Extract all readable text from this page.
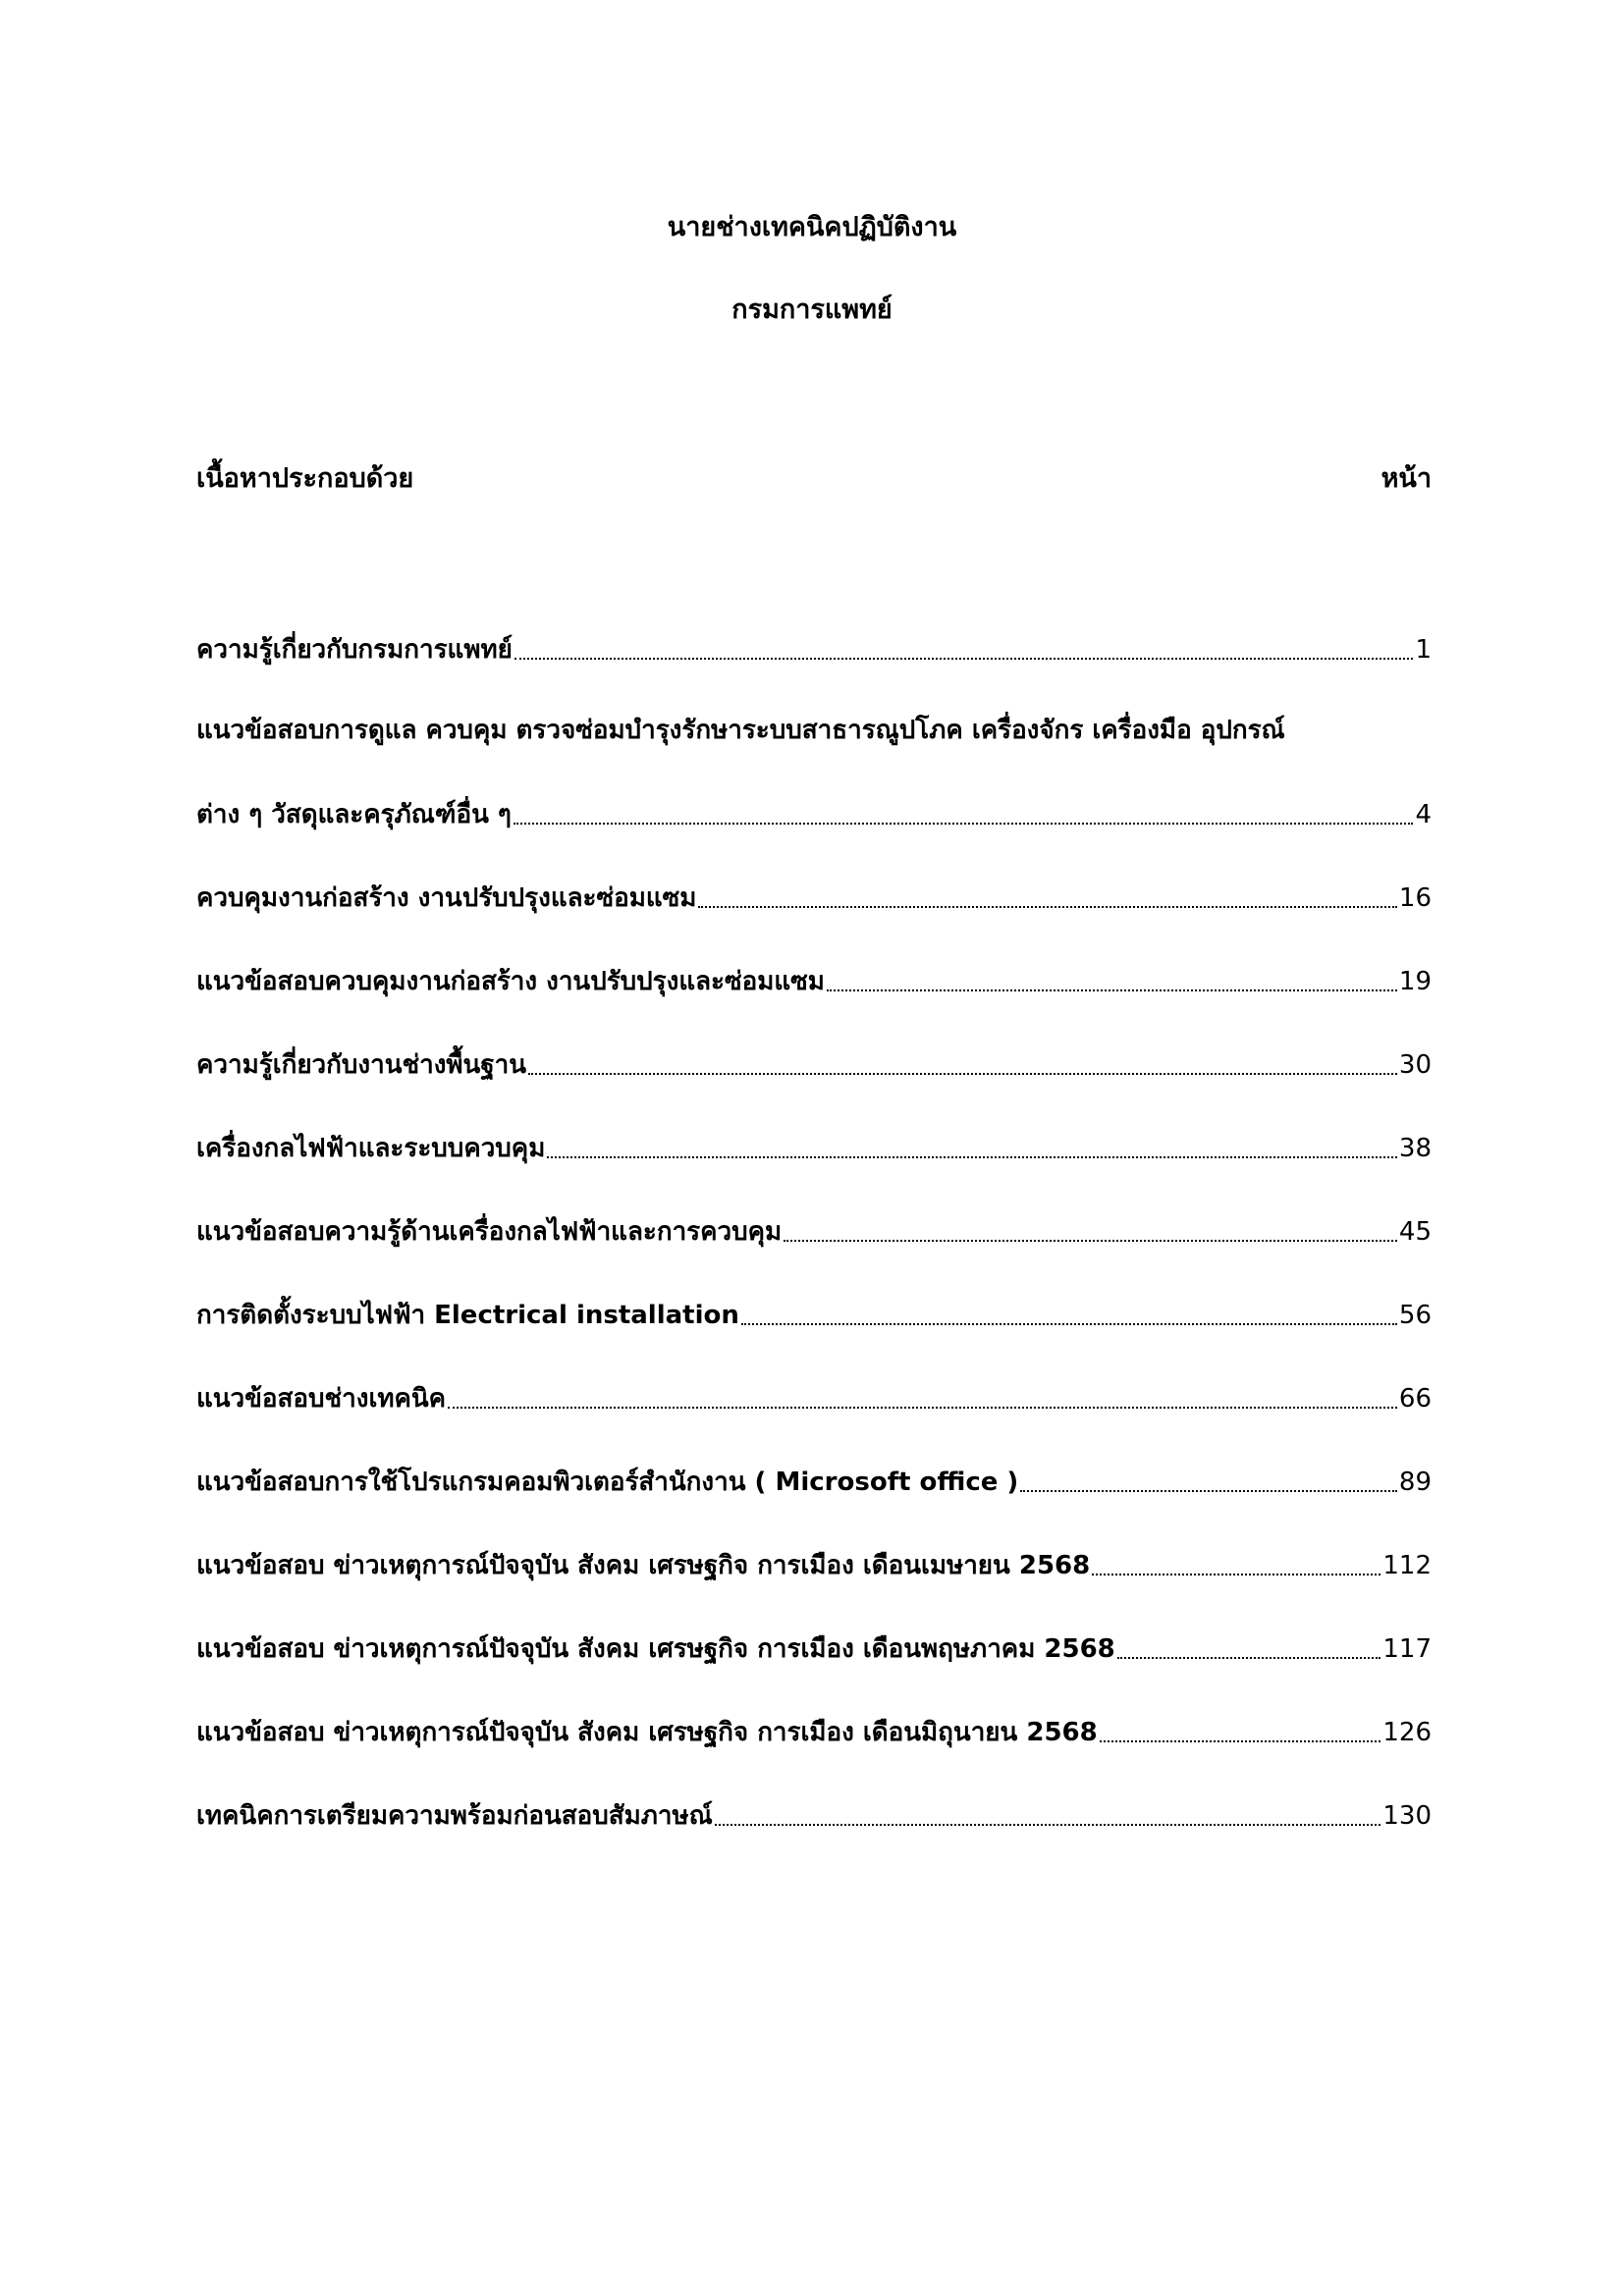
นายช่างเทคนิคปฏิบัติงาน
กรมการแพทย์
เนื้อหาประกอบด้วย	หน้า
ความรู้เกี่ยวกับกรมการแพทย์	1
แนวข้อสอบการดูแล ควบคุม ตรวจซ่อมบำรุงรักษาระบบสาธารณูปโภค เครื่องจักร เครื่องมือ อุปกรณ์
ต่าง ๆ วัสดุและครุภัณฑ์อื่น ๆ	4
ควบคุมงานก่อสร้าง งานปรับปรุงและซ่อมแซม	16
แนวข้อสอบควบคุมงานก่อสร้าง งานปรับปรุงและซ่อมแซม	19
ความรู้เกี่ยวกับงานช่างพื้นฐาน	30
เครื่องกลไฟฟ้าและระบบควบคุม	38
แนวข้อสอบความรู้ด้านเครื่องกลไฟฟ้าและการควบคุม	45
การติดตั้งระบบไฟฟ้า Electrical installation	56
แนวข้อสอบช่างเทคนิค	66
แนวข้อสอบการใช้โปรแกรมคอมพิวเตอร์สำนักงาน ( Microsoft office )	89
แนวข้อสอบ ข่าวเหตุการณ์ปัจจุบัน สังคม เศรษฐกิจ การเมือง เดือนเมษายน 2568	112
แนวข้อสอบ ข่าวเหตุการณ์ปัจจุบัน สังคม เศรษฐกิจ การเมือง เดือนพฤษภาคม 2568	117
แนวข้อสอบ ข่าวเหตุการณ์ปัจจุบัน สังคม เศรษฐกิจ การเมือง เดือนมิถุนายน 2568	126
เทคนิคการเตรียมความพร้อมก่อนสอบสัมภาษณ์	130
